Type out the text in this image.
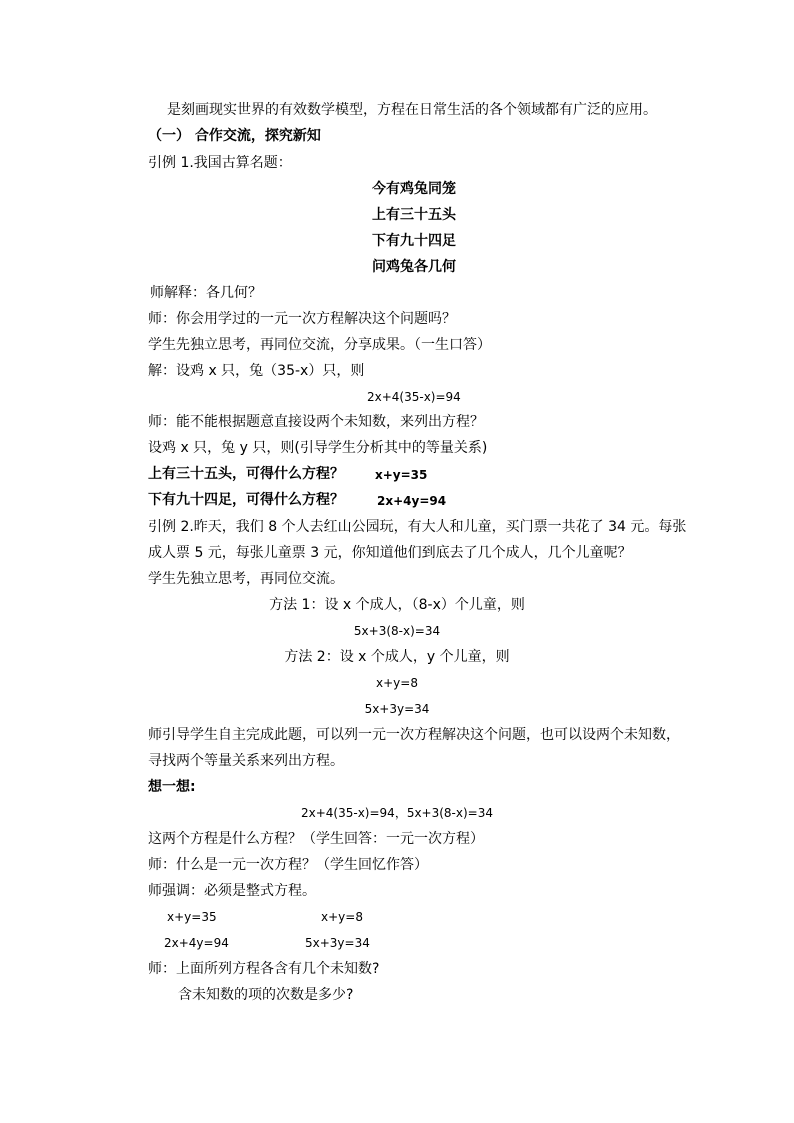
是刻画现实世界的有效数学模型，方程在日常生活的各个领域都有广泛的应用。
（一） 合作交流，探究新知
引例 1.我国古算名题：
今有鸡兔同笼
上有三十五头
下有九十四足
问鸡兔各几何
师解释：各几何？
师：你会用学过的一元一次方程解决这个问题吗？
学生先独立思考，再同位交流，分享成果。（一生口答）
解：设鸡 x 只，兔（35-x）只，则
2x+4(35-x)=94
师：能不能根据题意直接设两个未知数，来列出方程？
设鸡 x 只，兔 y 只，则(引导学生分析其中的等量关系)
上有三十五头，可得什么方程？	x+y=35
下有九十四足，可得什么方程？	2x+4y=94
引例 2.昨天，我们 8 个人去红山公园玩，有大人和儿童，买门票一共花了 34 元。每张
成人票 5 元，每张儿童票 3 元，你知道他们到底去了几个成人，几个儿童呢？
学生先独立思考，再同位交流。
方法 1：设 x 个成人，（8-x）个儿童，则
5x+3(8-x)=34
方法 2：设 x 个成人，y 个儿童，则
x+y=8
5x+3y=34
师引导学生自主完成此题，可以列一元一次方程解决这个问题，也可以设两个未知数，
寻找两个等量关系来列出方程。
想一想:
2x+4(35-x)=94，5x+3(8-x)=34
这两个方程是什么方程？（学生回答：一元一次方程）
师：什么是一元一次方程？（学生回忆作答）
师强调：必须是整式方程。
x+y=35	x+y=8
2x+4y=94	5x+3y=34
师：上面所列方程各含有几个未知数?
含未知数的项的次数是多少?
